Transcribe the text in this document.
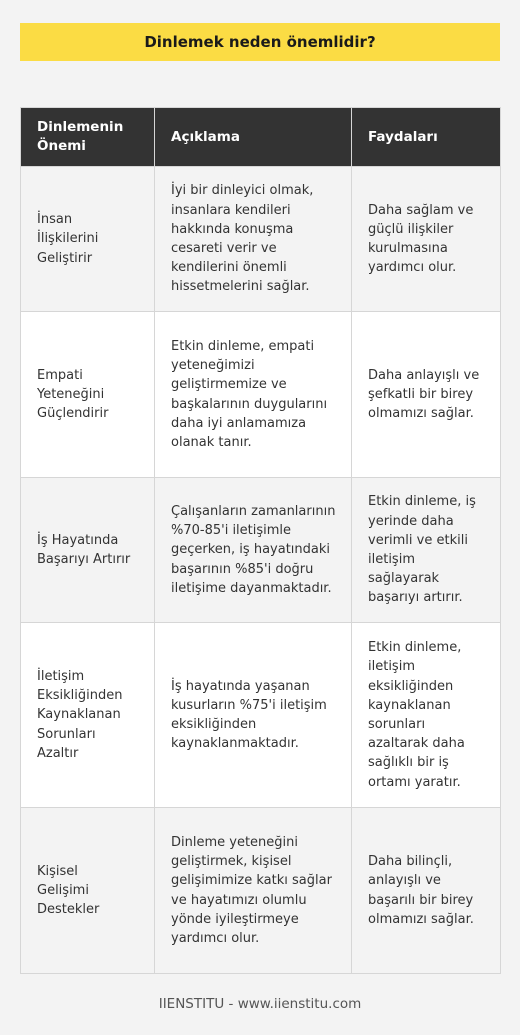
Dinlemek neden önemlidir?
Dinlemenin Önemi	Açıklama	Faydaları
İnsan İlişkilerini Geliştirir	İyi bir dinleyici olmak, insanlara kendileri hakkında konuşma cesareti verir ve kendilerini önemli hissetmelerini sağlar.	Daha sağlam ve güçlü ilişkiler kurulmasına yardımcı olur.
Empati Yeteneğini Güçlendirir	Etkin dinleme, empati yeteneğimizi geliştirmemize ve başkalarının duygularını daha iyi anlamamıza olanak tanır.	Daha anlayışlı ve şefkatli bir birey olmamızı sağlar.
İş Hayatında Başarıyı Artırır	Çalışanların zamanlarının %70-85'i iletişimle geçerken, iş hayatındaki başarının %85'i doğru iletişime dayanmaktadır.	Etkin dinleme, iş yerinde daha verimli ve etkili iletişim sağlayarak başarıyı artırır.
İletişim Eksikliğinden Kaynaklanan Sorunları Azaltır	İş hayatında yaşanan kusurların %75'i iletişim eksikliğinden kaynaklanmaktadır.	Etkin dinleme, iletişim eksikliğinden kaynaklanan sorunları azaltarak daha sağlıklı bir iş ortamı yaratır.
Kişisel Gelişimi Destekler	Dinleme yeteneğini geliştirmek, kişisel gelişimimize katkı sağlar ve hayatımızı olumlu yönde iyileştirmeye yardımcı olur.	Daha bilinçli, anlayışlı ve başarılı bir birey olmamızı sağlar.
IIENSTITU - www.iienstitu.com
